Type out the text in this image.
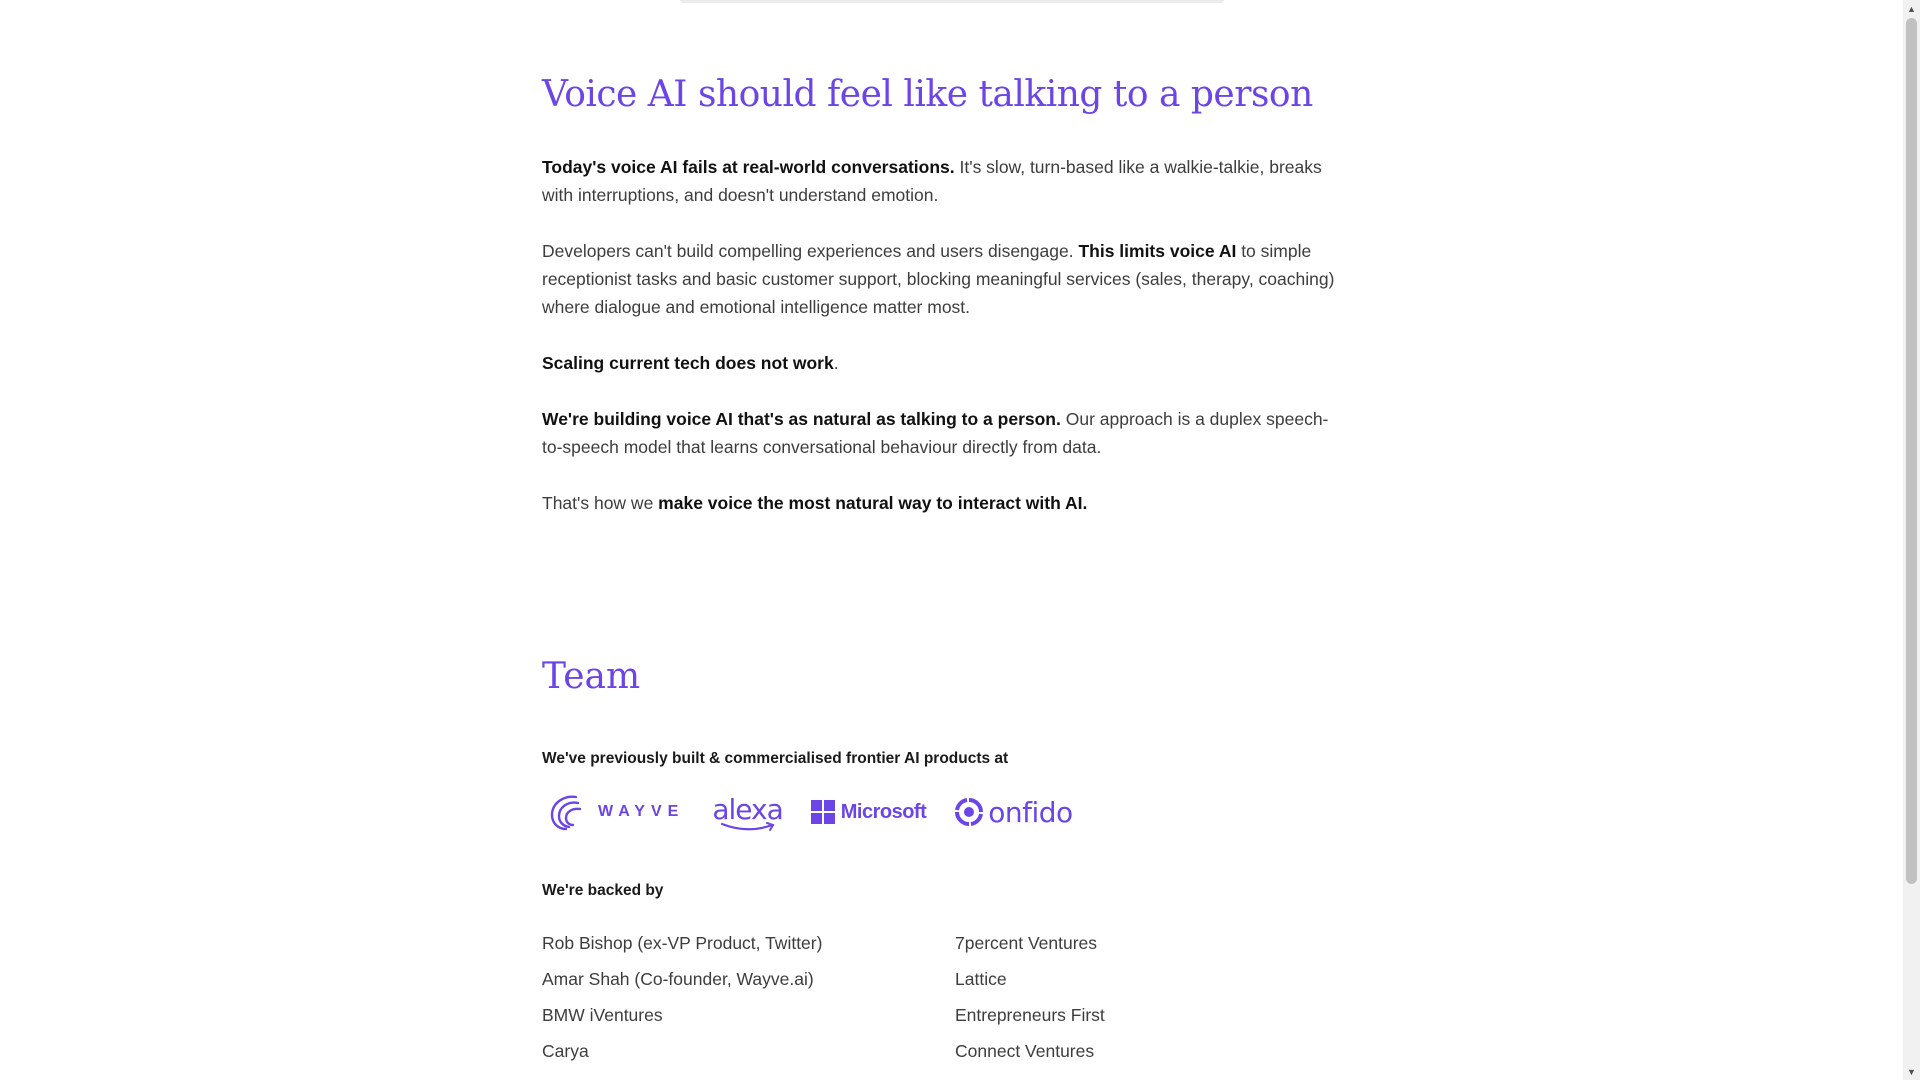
Voice AI should feel like talking to a person

Today's voice AI fails at real-world conversations. It's slow, turn-based like a walkie-talkie, breaks with interruptions, and doesn't understand emotion.

Developers can't build compelling experiences and users disengage. This limits voice AI to simple receptionist tasks and basic customer support, blocking meaningful services (sales, therapy, coaching) where dialogue and emotional intelligence matter most.

Scaling current tech does not work.

We're building voice AI that's as natural as talking to a person. Our approach is a duplex speech-to-speech model that learns conversational behaviour directly from data.

That's how we make voice the most natural way to interact with AI.

Team

We've previously built & commercialised frontier AI products at

WAYVE alexa	Microsoft onfido

We're backed by

Rob Bishop (ex-VP Product, Twitter)	7percent Ventures
Amar Shah (Co-founder, Wayve.ai)	Lattice
BMW iVentures	Entrepreneurs First
Carya	Connect Ventures
▲
▼
